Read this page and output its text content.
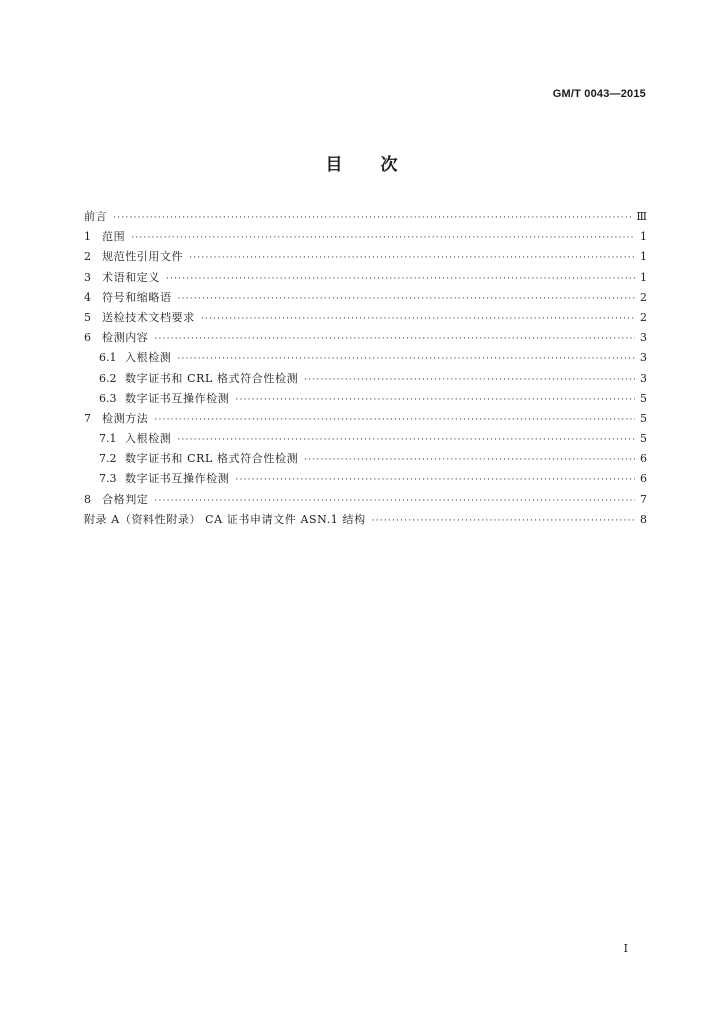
GM/T 0043—2015
目 次
前言 ·····	Ⅲ
1	范围 ·····	1
2	规范性引用文件 ·····	1
3	术语和定义 ·····	1
4	符号和缩略语 ·····	2
5	送检技术文档要求 ·····	2
6	检测内容 ·····	3
6.1 入根检测 ·····	3
6.2 数字证书和 CRL 格式符合性检测 ·····	3
6.3 数字证书互操作检测 ·····	5
7	检测方法 ·····	5
7.1 入根检测 ·····	5
7.2 数字证书和 CRL 格式符合性检测 ·····	6
7.3 数字证书互操作检测 ·····	6
8	合格判定 ·····	7
附录 A（资料性附录） CA 证书申请文件 ASN.1 结构 ·····	8
I
